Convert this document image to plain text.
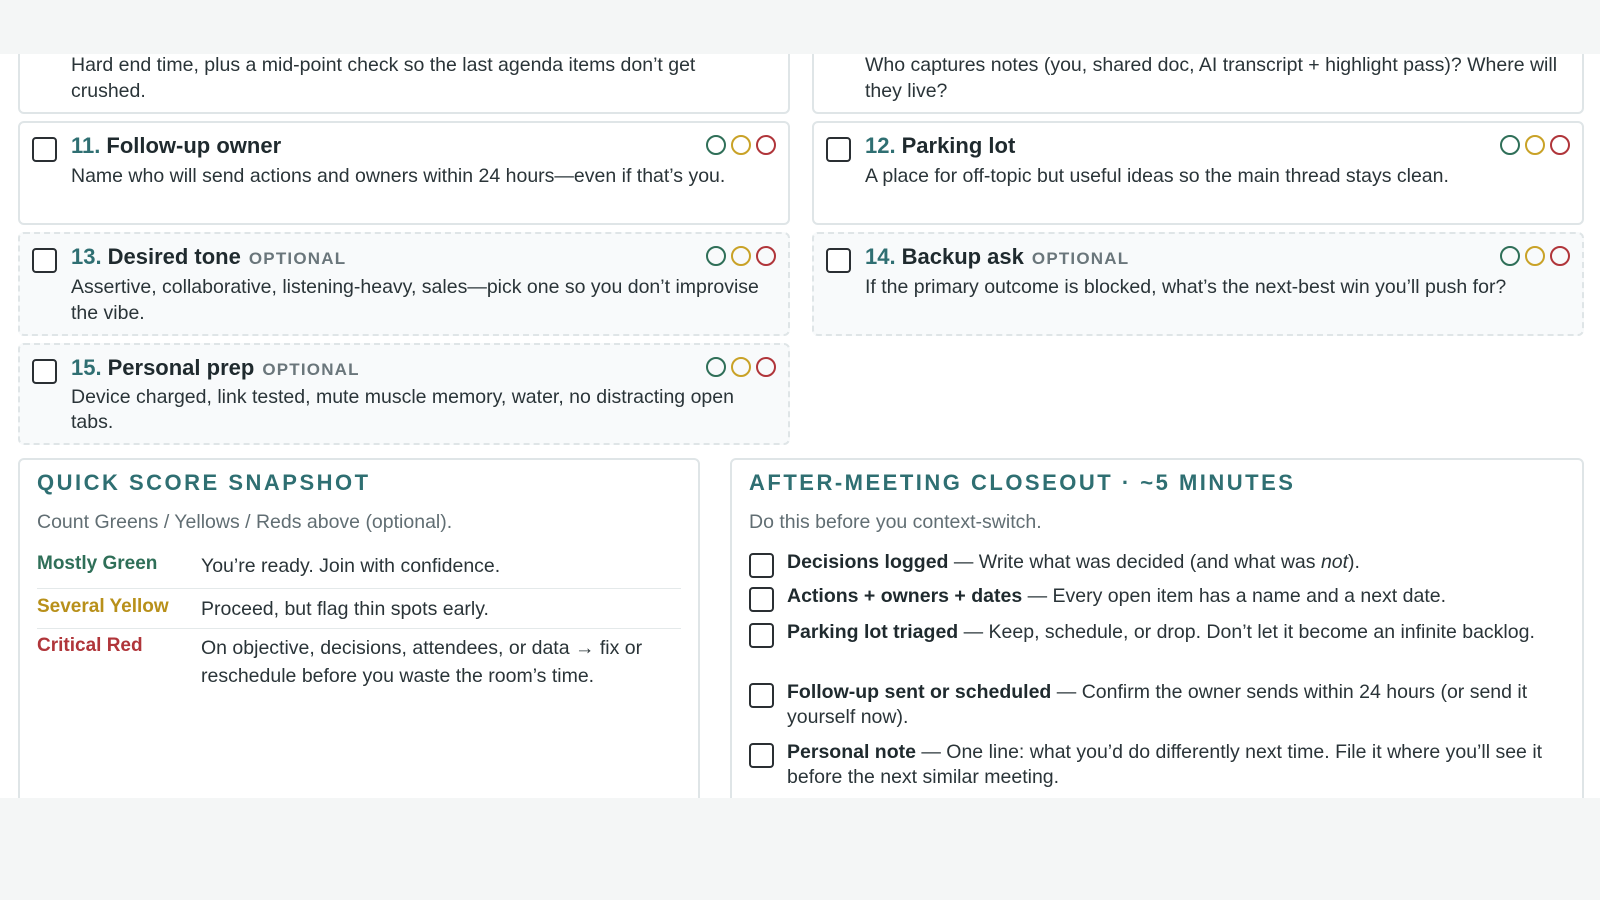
Hard end time, plus a mid-point check so the last agenda items don’t get crushed.
Who captures notes (you, shared doc, AI transcript + highlight pass)? Where will they live?
11. Follow-up owner
Name who will send actions and owners within 24 hours—even if that’s you.
12. Parking lot
A place for off-topic but useful ideas so the main thread stays clean.
13. Desired tone OPTIONAL
Assertive, collaborative, listening-heavy, sales—pick one so you don’t improvise the vibe.
14. Backup ask OPTIONAL
If the primary outcome is blocked, what’s the next-best win you’ll push for?
15. Personal prep OPTIONAL
Device charged, link tested, mute muscle memory, water, no distracting open tabs.
QUICK SCORE SNAPSHOT
Count Greens / Yellows / Reds above (optional).
Mostly Green You’re ready. Join with confidence.
Several Yellow Proceed, but flag thin spots early.
Critical Red	On objective, decisions, attendees, or data → fix or reschedule before you waste the room’s time.
AFTER-MEETING CLOSEOUT · ~5 MINUTES
Do this before you context-switch.
Decisions logged — Write what was decided (and what was not).
Actions + owners + dates — Every open item has a name and a next date.
Parking lot triaged — Keep, schedule, or drop. Don’t let it become an infinite backlog.
Follow-up sent or scheduled — Confirm the owner sends within 24 hours (or send it yourself now).
Personal note — One line: what you’d do differently next time. File it where you’ll see it before the next similar meeting.
